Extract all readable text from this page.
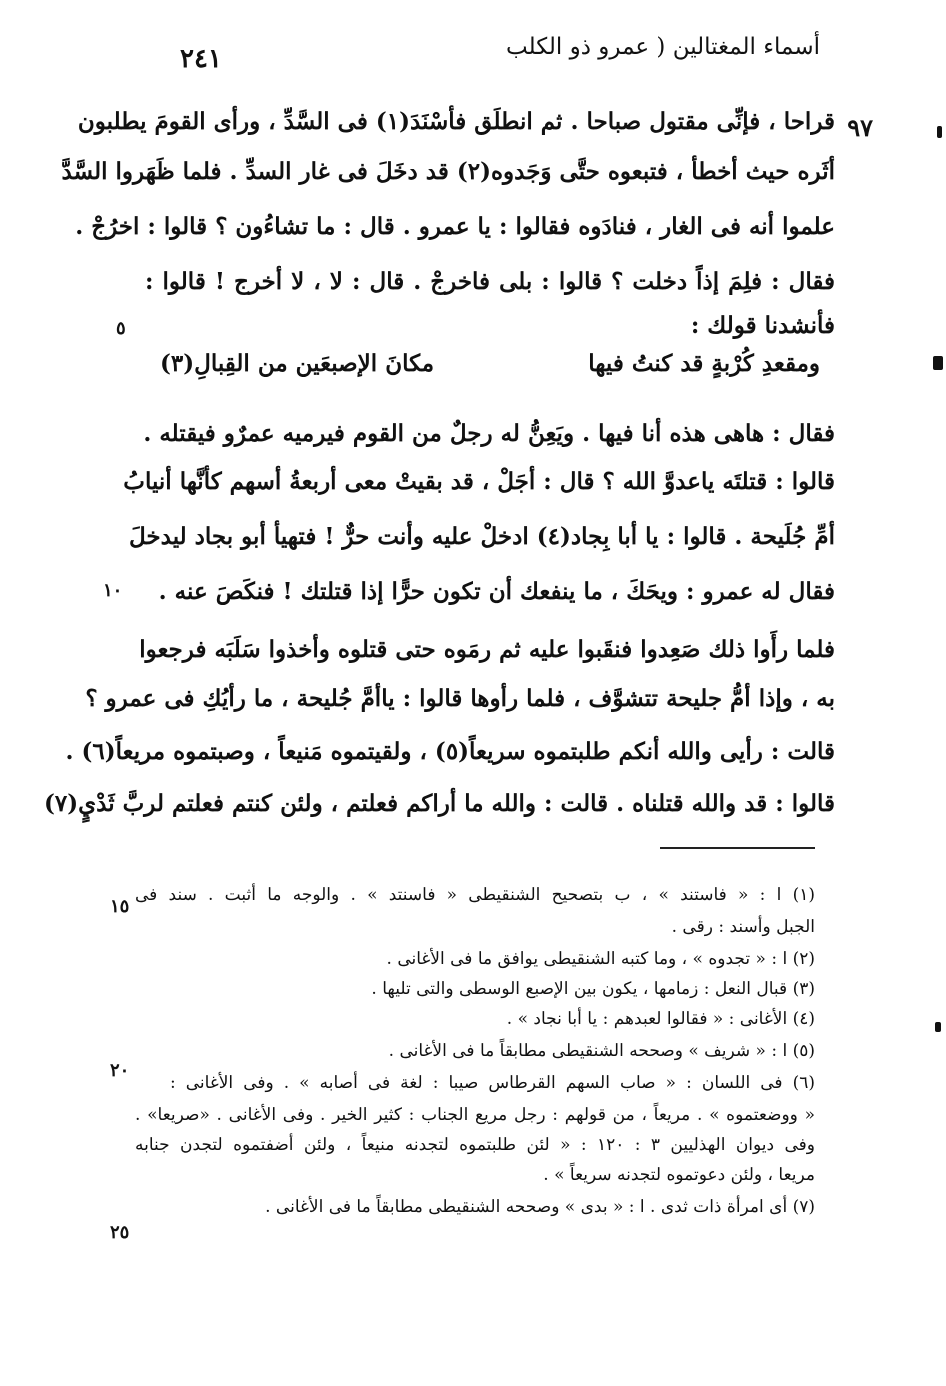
٢٤١	أسماء المغتالين ( عمرو ذو الكلب
٩٧
قراحا ، فإنِّى مقتول صباحا . ثم انطلَق فأسْنَدَ(١) فى السَّدِّ ، ورأى القومَ يطلبون
أثَره حيث أخطأ ، فتبعوه حتَّى وَجَدوه(٢) قد دخَلَ فى غار السدِّ . فلما ظَهَروا السَّدَّ
علموا أنه فى الغار ، فنادَوه فقالوا : يا عمرو . قال : ما تشاءُون ؟ قالوا : اخرُجْ .
فقال : فلِمَ إذاً دخلت ؟ قالوا : بلى فاخرجْ . قال : لا ، لا أخرج ! قالوا :
فأنشدنا قولك :
٥
ومقعدِ كُرْبةٍ قد كنتُ فيها
مكانَ الإصبعَين من القِبالِ(٣)
فقال : هاهى هذه أنا فيها . ويَعِنُّ له رجلٌ من القوم فيرميه عمرٌو فيقتله .
قالوا : قتلتَه ياعدوَّ الله ؟ قال : أجَلْ ، قد بقيتْ معى أربعةُ أسهم كأنَّها أنيابُ
أمِّ جُلَيحة . قالوا : يا أبا بِجاد(٤) ادخلْ عليه وأنت حرٌّ ! فتهيأ أبو بجاد ليدخلَ
فقال له عمرو : ويحَكَ ، ما ينفعك أن تكون حرًّا إذا قتلتك ! فنكَصَ عنه .
فلما رأَوا ذلك صَعِدوا فنقَبوا عليه ثم رمَوه حتى قتلوه وأخذوا سَلَبَه فرجعوا
به ، وإذا أمُّ جليحة تتشوَّف ، فلما رأوها قالوا : ياأمَّ جُليحة ، ما رأيُكِ فى عمرو ؟
قالت : رأيى والله أنكم طلبتموه سريعاً(٥) ، ولقيتموه مَنيعاً ، وصبتموه مريعاً(٦) .
قالوا : قد والله قتلناه . قالت : والله ما أراكم فعلتم ، ولئن كنتم فعلتم لربَّ ثَدْيٍ(٧)
١٠
(١) ا : « فاستند » ، ب بتصحيح الشنقيطى « فاسنتد » . والوجه ما أثبت . سند فى
الجبل وأسند : رقى .
(٢) ا : « تجدوه » ، وما كتبه الشنقيطى يوافق ما فى الأغانى .
(٣) قبال النعل : زمامها ، يكون بين الإصبع الوسطى والتى تليها .
(٤) الأغانى : « فقالوا لعبدهم : يا أبا نجاد » .
(٥) ا : « شريف » وصححه الشنقيطى مطابقاً ما فى الأغانى .
(٦) فى اللسان : « صاب السهم القرطاس صيبا : لغة فى أصابه » . وفى الأغانى :
« ووضعتموه » . مريعاً ، من قولهم : رجل مريع الجناب : كثير الخير . وفى الأغانى . «صريعا» .
وفى ديوان الهذليين ٣ : ١٢٠ : « لئن طلبتموه لتجدنه منيعاً ، ولئن أضفتموه لتجدن جنابه
مريعا ، ولئن دعوتموه لتجدنه سريعاً » .
(٧) أى امرأة ذات ثدى . ا : « بدى » وصححه الشنقيطى مطابقاً ما فى الأغانى .
١٥
٢٠
٢٥
